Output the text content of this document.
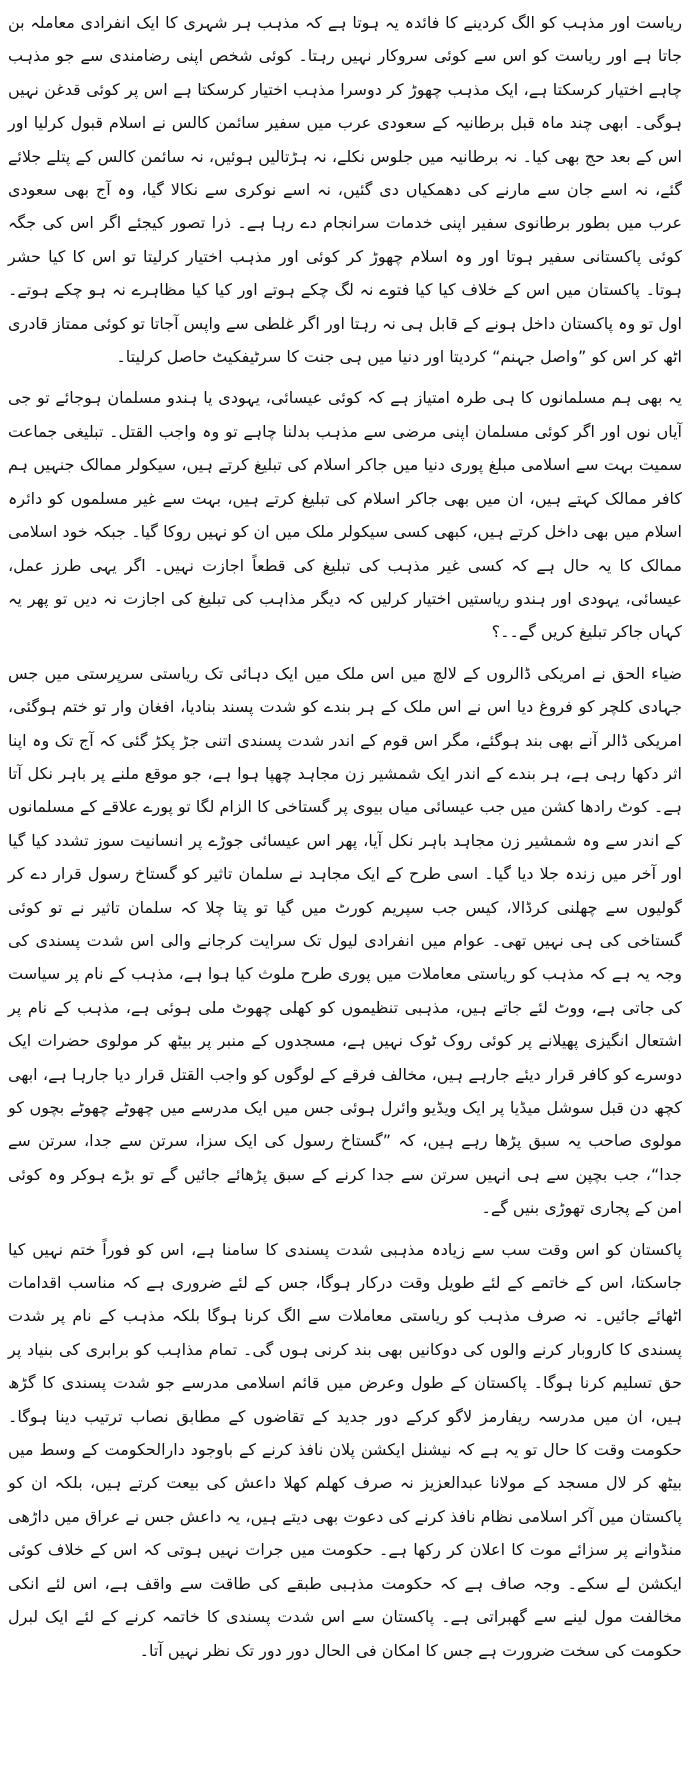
ریاست اور مذہب کو الگ کردینے کا فائدہ یہ ہوتا ہے کہ مذہب ہر شہری کا ایک انفرادی معاملہ بن جاتا ہے اور ریاست کو اس سے کوئی سروکار نہیں رہتا۔ کوئی شخص اپنی رضامندی سے جو مذہب چاہے اختیار کرسکتا ہے، ایک مذہب چھوڑ کر دوسرا مذہب اختیار کرسکتا ہے اس پر کوئی قدغن نہیں ہوگی۔ ابھی چند ماہ قبل برطانیہ کے سعودی عرب میں سفیر سائمن کالس نے اسلام قبول کرلیا اور اس کے بعد حج بھی کیا۔ نہ برطانیہ میں جلوس نکلے، نہ ہڑتالیں ہوئیں، نہ سائمن کالس کے پتلے جلائے گئے، نہ اسے جان سے مارنے کی دھمکیاں دی گئیں، نہ اسے نوکری سے نکالا گیا، وہ آج بھی سعودی عرب میں بطور برطانوی سفیر اپنی خدمات سرانجام دے رہا ہے۔ ذرا تصور کیجئے اگر اس کی جگہ کوئی پاکستانی سفیر ہوتا اور وہ اسلام چھوڑ کر کوئی اور مذہب اختیار کرلیتا تو اس کا کیا حشر ہوتا۔ پاکستان میں اس کے خلاف کیا کیا فتوے نہ لگ چکے ہوتے اور کیا کیا مظاہرے نہ ہو چکے ہوتے۔ اول تو وہ پاکستان داخل ہونے کے قابل ہی نہ رہتا اور اگر غلطی سے واپس آجاتا تو کوئی ممتاز قادری اٹھ کر اس کو ”واصل جہنم“ کردیتا اور دنیا میں ہی جنت کا سرٹیفکیٹ حاصل کرلیتا۔

یہ بھی ہم مسلمانوں کا ہی طرہ امتیاز ہے کہ کوئی عیسائی، یہودی یا ہندو مسلمان ہوجائے تو جی آیاں نوں اور اگر کوئی مسلمان اپنی مرضی سے مذہب بدلنا چاہے تو وہ واجب القتل۔ تبلیغی جماعت سمیت بہت سے اسلامی مبلغ پوری دنیا میں جاکر اسلام کی تبلیغ کرتے ہیں، سیکولر ممالک جنہیں ہم کافر ممالک کہتے ہیں، ان میں بھی جاکر اسلام کی تبلیغ کرتے ہیں، بہت سے غیر مسلموں کو دائرہ اسلام میں بھی داخل کرتے ہیں، کبھی کسی سیکولر ملک میں ان کو نہیں روکا گیا۔ جبکہ خود اسلامی ممالک کا یہ حال ہے کہ کسی غیر مذہب کی تبلیغ کی قطعاً اجازت نہیں۔ اگر یہی طرز عمل، عیسائی، یہودی اور ہندو ریاستیں اختیار کرلیں کہ دیگر مذاہب کی تبلیغ کی اجازت نہ دیں تو پھر یہ کہاں جاکر تبلیغ کریں گے۔۔؟

ضیاء الحق نے امریکی ڈالروں کے لالچ میں اس ملک میں ایک دہائی تک ریاستی سرپرستی میں جس جہادی کلچر کو فروغ دیا اس نے اس ملک کے ہر بندے کو شدت پسند بنادیا، افغان وار تو ختم ہوگئی، امریکی ڈالر آنے بھی بند ہوگئے، مگر اس قوم کے اندر شدت پسندی اتنی جڑ پکڑ گئی کہ آج تک وہ اپنا اثر دکھا رہی ہے، ہر بندے کے اندر ایک شمشیر زن مجاہد چھپا ہوا ہے، جو موقع ملنے پر باہر نکل آتا ہے۔ کوٹ رادھا کشن میں جب عیسائی میاں بیوی پر گستاخی کا الزام لگا تو پورے علاقے کے مسلمانوں کے اندر سے وہ شمشیر زن مجاہد باہر نکل آیا، پھر اس عیسائی جوڑے پر انسانیت سوز تشدد کیا گیا اور آخر میں زندہ جلا دیا گیا۔ اسی طرح کے ایک مجاہد نے سلمان تاثیر کو گستاخ رسول قرار دے کر گولیوں سے چھلنی کرڈالا، کیس جب سپریم کورٹ میں گیا تو پتا چلا کہ سلمان تاثیر نے تو کوئی گستاخی کی ہی نہیں تھی۔ عوام میں انفرادی لیول تک سرایت کرجانے والی اس شدت پسندی کی وجہ یہ ہے کہ مذہب کو ریاستی معاملات میں پوری طرح ملوث کیا ہوا ہے، مذہب کے نام پر سیاست کی جاتی ہے، ووٹ لئے جاتے ہیں، مذہبی تنظیموں کو کھلی چھوٹ ملی ہوئی ہے، مذہب کے نام پر اشتعال انگیزی پھیلانے پر کوئی روک ٹوک نہیں ہے، مسجدوں کے منبر پر بیٹھ کر مولوی حضرات ایک دوسرے کو کافر قرار دیئے جارہے ہیں، مخالف فرقے کے لوگوں کو واجب القتل قرار دیا جارہا ہے، ابھی کچھ دن قبل سوشل میڈیا پر ایک ویڈیو وائرل ہوئی جس میں ایک مدرسے میں چھوٹے چھوٹے بچوں کو مولوی صاحب یہ سبق پڑھا رہے ہیں، کہ ”گستاخ رسول کی ایک سزا، سرتن سے جدا، سرتن سے جدا“، جب بچپن سے ہی انہیں سرتن سے جدا کرنے کے سبق پڑھائے جائیں گے تو بڑے ہوکر وہ کوئی امن کے پجاری تھوڑی بنیں گے۔

پاکستان کو اس وقت سب سے زیادہ مذہبی شدت پسندی کا سامنا ہے، اس کو فوراً ختم نہیں کیا جاسکتا، اس کے خاتمے کے لئے طویل وقت درکار ہوگا، جس کے لئے ضروری ہے کہ مناسب اقدامات اٹھائے جائیں۔ نہ صرف مذہب کو ریاستی معاملات سے الگ کرنا ہوگا بلکہ مذہب کے نام پر شدت پسندی کا کاروبار کرنے والوں کی دوکانیں بھی بند کرنی ہوں گی۔ تمام مذاہب کو برابری کی بنیاد پر حق تسلیم کرنا ہوگا۔ پاکستان کے طول وعرض میں قائم اسلامی مدرسے جو شدت پسندی کا گڑھ ہیں، ان میں مدرسہ ریفارمز لاگو کرکے دور جدید کے تقاضوں کے مطابق نصاب ترتیب دینا ہوگا۔ حکومت وقت کا حال تو یہ ہے کہ نیشنل ایکشن پلان نافذ کرنے کے باوجود دارالحکومت کے وسط میں بیٹھ کر لال مسجد کے مولانا عبدالعزیز نہ صرف کھلم کھلا داعش کی بیعت کرتے ہیں، بلکہ ان کو پاکستان میں آکر اسلامی نظام نافذ کرنے کی دعوت بھی دیتے ہیں، یہ داعش جس نے عراق میں داڑھی منڈوانے پر سزائے موت کا اعلان کر رکھا ہے۔ حکومت میں جرات نہیں ہوتی کہ اس کے خلاف کوئی ایکشن لے سکے۔ وجہ صاف ہے کہ حکومت مذہبی طبقے کی طاقت سے واقف ہے، اس لئے انکی مخالفت مول لینے سے گھبراتی ہے۔ پاکستان سے اس شدت پسندی کا خاتمہ کرنے کے لئے ایک لبرل حکومت کی سخت ضرورت ہے جس کا امکان فی الحال دور دور تک نظر نہیں آتا۔
